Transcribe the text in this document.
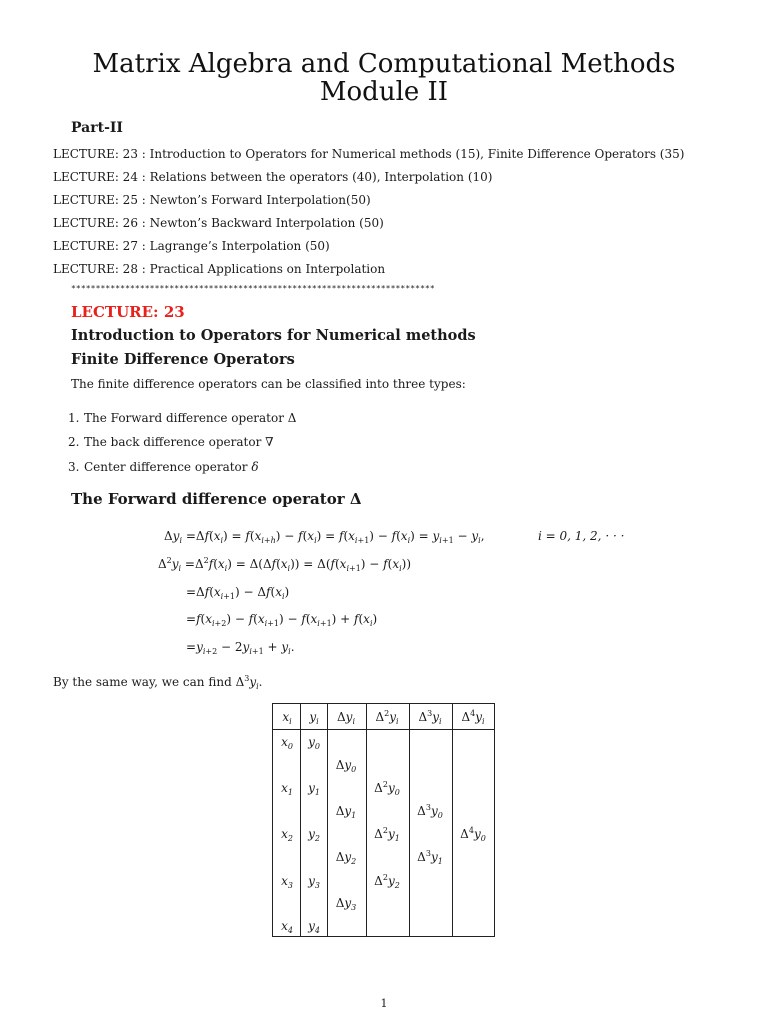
Matrix Algebra and Computational Methods
Module II
Part-II
LECTURE: 23 : Introduction to Operators for Numerical methods (15), Finite Difference Operators (35)
LECTURE: 24 : Relations between the operators (40), Interpolation (10)
LECTURE: 25 : Newton’s Forward Interpolation(50)
LECTURE: 26 : Newton’s Backward Interpolation (50)
LECTURE: 27 : Lagrange’s Interpolation (50)
LECTURE: 28 : Practical Applications on Interpolation
**************************************************************************
LECTURE: 23
Introduction to Operators for Numerical methods
Finite Difference Operators
The finite difference operators can be classified into three types:
1. The Forward difference operator Δ
2. The back difference operator ∇
3. Center difference operator δ
The Forward difference operator Δ
$\Delta y_i =\Delta f(x_i) = f(x_{i+h}) - f(x_i) = f(x_{i+1}) - f(x_i) = y_{i+1} - y_i$,	i = 0, 1, 2, · · ·
$\Delta^2y_i =\Delta^2f(x_i) = \Delta(\Delta f(x_i)) = \Delta(f(x_{i+1}) - f(x_i))$
$=\Delta f(x_{i+1}) - \Delta f(x_i)$
$=f(x_{i+2}) - f(x_{i+1}) - f(x_{i+1}) + f(x_i)$
$=y_{i+2} - 2y_{i+1} + y_i$.
By the same way, we can find $\Delta^3y_i$.
$x_i$ $y_i$ $\Delta y_i$ $\Delta^2y_i$ $\Delta^3y_i$ $\Delta^4y_i$
$x_0$
$x_1$
$x_2$
$x_3$
$x_4$
$y_0$
$y_1$
$y_2$
$y_3$
$y_4$
$\Delta y_0$
$\Delta y_1$
$\Delta y_2$
$\Delta y_3$
$\Delta^2y_0$
$\Delta^2y_1$
$\Delta^2y_2$
$\Delta^3y_0$
$\Delta^3y_1$
$\Delta^4y_0$
1
